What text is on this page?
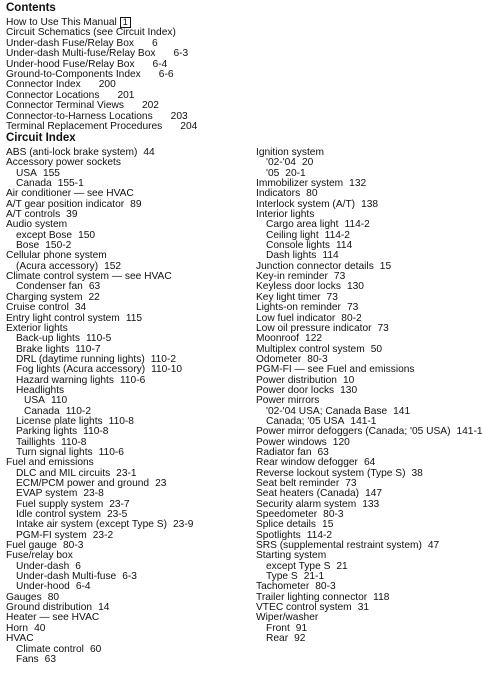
Contents
How to Use This Manual 1
Circuit Schematics (see Circuit Index)
Under-dash Fuse/Relay Box 6
Under-dash Multi-fuse/Relay Box 6-3
Under-hood Fuse/Relay Box 6-4
Ground-to-Components Index 6-6
Connector Index 200
Connector Locations 201
Connector Terminal Views 202
Connector-to-Harness Locations 203
Terminal Replacement Procedures 204
Circuit Index
ABS (anti-lock brake system) 44
Accessory power sockets
USA 155
Canada 155-1
Air conditioner — see HVAC
A/T gear position indicator 89
A/T controls 39
Audio system
except Bose 150
Bose 150-2
Cellular phone system
(Acura accessory) 152
Climate control system — see HVAC
Condenser fan 63
Charging system 22
Cruise control 34
Entry light control system 115
Exterior lights
Back-up lights 110-5
Brake lights 110-7
DRL (daytime running lights) 110-2
Fog lights (Acura accessory) 110-10
Hazard warning lights 110-6
Headlights
USA 110
Canada 110-2
License plate lights 110-8
Parking lights 110-8
Taillights 110-8
Turn signal lights 110-6
Fuel and emissions
DLC and MIL circuits 23-1
ECM/PCM power and ground 23
EVAP system 23-8
Fuel supply system 23-7
Idle control system 23-5
Intake air system (except Type S) 23-9
PGM-FI system 23-2
Fuel gauge 80-3
Fuse/relay box
Under-dash 6
Under-dash Multi-fuse 6-3
Under-hood 6-4
Gauges 80
Ground distribution 14
Heater — see HVAC
Horn 40
HVAC
Climate control 60
Fans 63
Ignition system
'02-'04 20
'05 20-1
Immobilizer system 132
Indicators 80
Interlock system (A/T) 138
Interior lights
Cargo area light 114-2
Ceiling light 114-2
Console lights 114
Dash lights 114
Junction connector details 15
Key-in reminder 73
Keyless door locks 130
Key light timer 73
Lights-on reminder 73
Low fuel indicator 80-2
Low oil pressure indicator 73
Moonroof 122
Multiplex control system 50
Odometer 80-3
PGM-FI — see Fuel and emissions
Power distribution 10
Power door locks 130
Power mirrors
'02-'04 USA; Canada Base 141
Canada; '05 USA 141-1
Power mirror defoggers (Canada; '05 USA) 141-1
Power windows 120
Radiator fan 63
Rear window defogger 64
Reverse lockout system (Type S) 38
Seat belt reminder 73
Seat heaters (Canada) 147
Security alarm system 133
Speedometer 80-3
Splice details 15
Spotlights 114-2
SRS (supplemental restraint system) 47
Starting system
except Type S 21
Type S 21-1
Tachometer 80-3
Trailer lighting connector 118
VTEC control system 31
Wiper/washer
Front 91
Rear 92
